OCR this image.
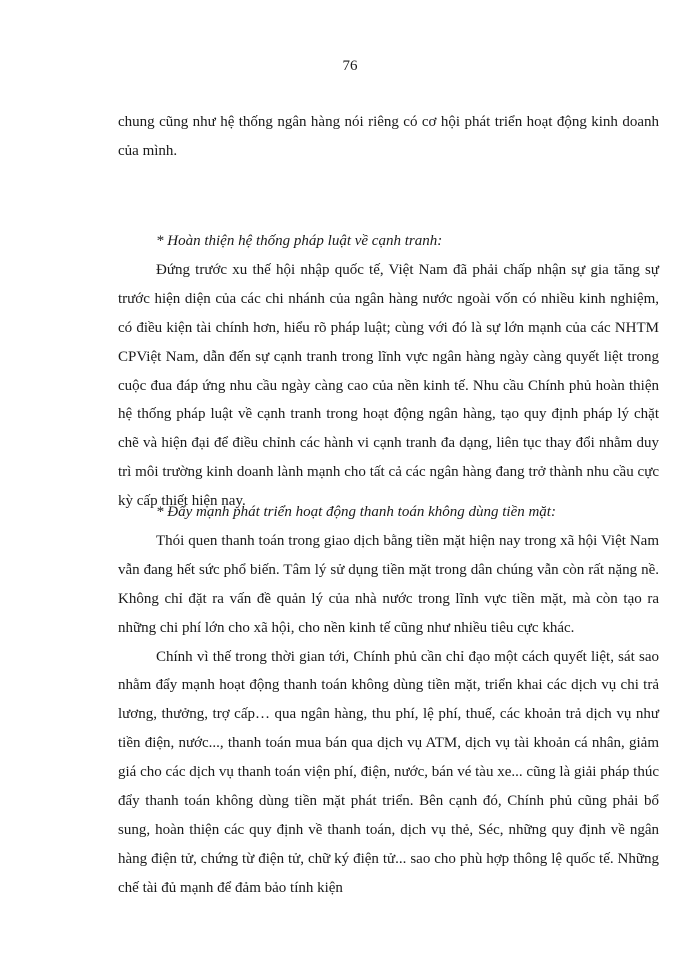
76

chung cũng như hệ thống ngân hàng nói riêng có cơ hội phát triển hoạt động kinh doanh của mình.

* Hoàn thiện hệ thống pháp luật về cạnh tranh:

Đứng trước xu thế hội nhập quốc tế, Việt Nam đã phải chấp nhận sự gia tăng sự trước hiện diện của các chi nhánh của ngân hàng nước ngoài vốn có nhiều kinh nghiệm, có điều kiện tài chính hơn, hiểu rõ pháp luật; cùng với đó là sự lớn mạnh của các NHTM CPViệt Nam, dẫn đến sự cạnh tranh trong lĩnh vực ngân hàng ngày càng quyết liệt trong cuộc đua đáp ứng nhu cầu ngày càng cao của nền kinh tế. Nhu cầu Chính phủ hoàn thiện hệ thống pháp luật về cạnh tranh trong hoạt động ngân hàng, tạo quy định pháp lý chặt chẽ và hiện đại để điều chỉnh các hành vi cạnh tranh đa dạng, liên tục thay đổi nhằm duy trì môi trường kinh doanh lành mạnh cho tất cả các ngân hàng đang trở thành nhu cầu cực kỳ cấp thiết hiện nay.

* Đẩy mạnh phát triển hoạt động thanh toán không dùng tiền mặt:

Thói quen thanh toán trong giao dịch bằng tiền mặt hiện nay trong xã hội Việt Nam vẫn đang hết sức phổ biến. Tâm lý sử dụng tiền mặt trong dân chúng vẫn còn rất nặng nề. Không chỉ đặt ra vấn đề quản lý của nhà nước trong lĩnh vực tiền mặt, mà còn tạo ra những chi phí lớn cho xã hội, cho nền kinh tế cũng như nhiều tiêu cực khác.

Chính vì thế trong thời gian tới, Chính phủ cần chỉ đạo một cách quyết liệt, sát sao nhằm đẩy mạnh hoạt động thanh toán không dùng tiền mặt, triển khai các dịch vụ chi trả lương, thưởng, trợ cấp… qua ngân hàng, thu phí, lệ phí, thuế, các khoản trả dịch vụ như tiền điện, nước..., thanh toán mua bán qua dịch vụ ATM, dịch vụ tài khoản cá nhân, giảm giá cho các dịch vụ thanh toán viện phí, điện, nước, bán vé tàu xe... cũng là giải pháp thúc đẩy thanh toán không dùng tiền mặt phát triển. Bên cạnh đó, Chính phủ cũng phải bổ sung, hoàn thiện các quy định về thanh toán, dịch vụ thẻ, Séc, những quy định về ngân hàng điện tử, chứng từ điện tử, chữ ký điện tử... sao cho phù hợp thông lệ quốc tế. Những chế tài đủ mạnh để đảm bảo tính kiện
